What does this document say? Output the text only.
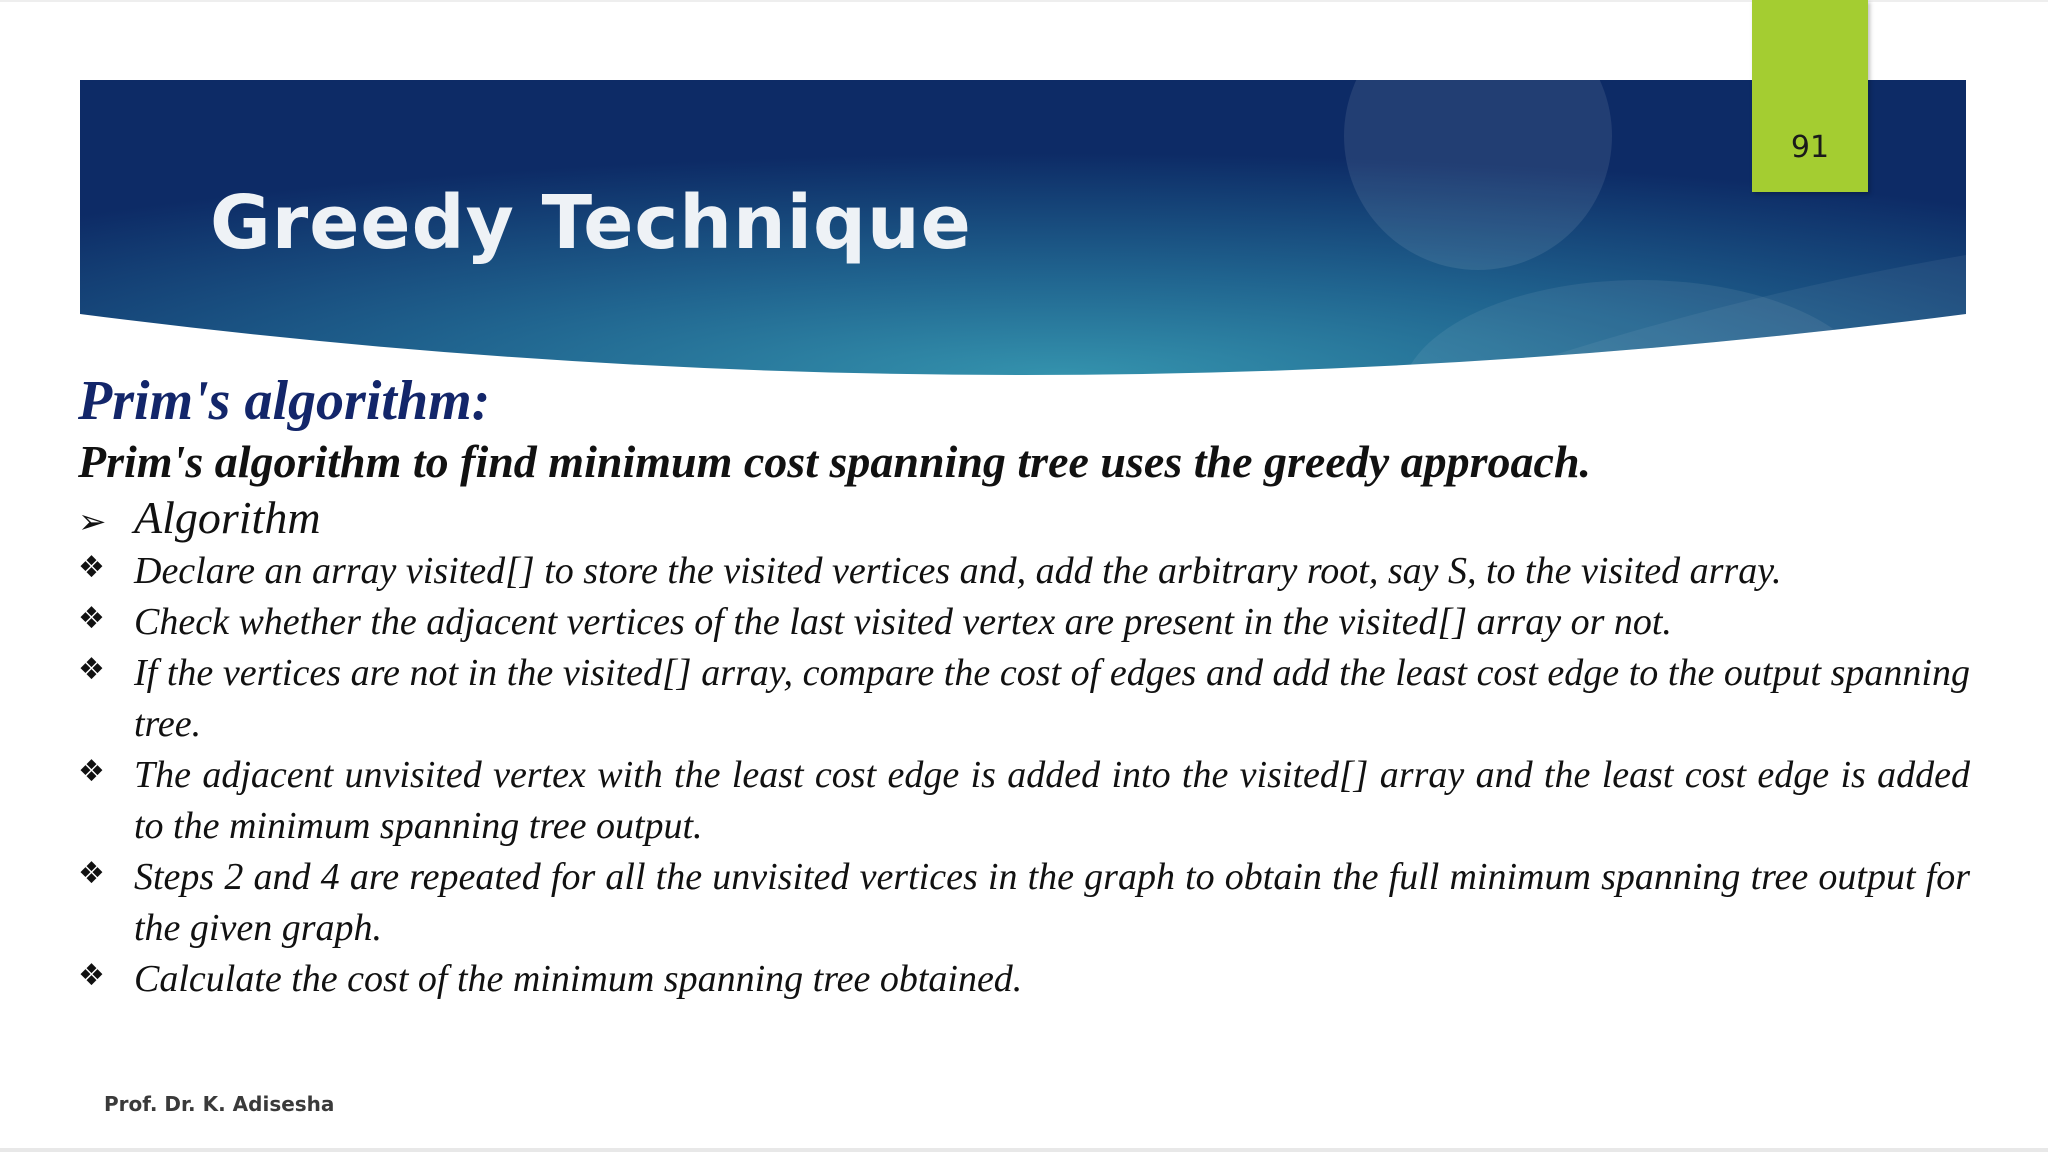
91
Greedy Technique

Prim's algorithm:

Prim's algorithm to find minimum cost spanning tree uses the greedy approach.

➢ Algorithm
❖ Declare an array visited[] to store the visited vertices and, add the arbitrary root, say S, to the visited array.
❖ Check whether the adjacent vertices of the last visited vertex are present in the visited[] array or not.
❖ If the vertices are not in the visited[] array, compare the cost of edges and add the least cost edge to the output spanning tree.
❖ The adjacent unvisited vertex with the least cost edge is added into the visited[] array and the least cost edge is added to the minimum spanning tree output.
❖ Steps 2 and 4 are repeated for all the unvisited vertices in the graph to obtain the full minimum spanning tree output for the given graph.
❖ Calculate the cost of the minimum spanning tree obtained.
Prof. Dr. K. Adisesha
